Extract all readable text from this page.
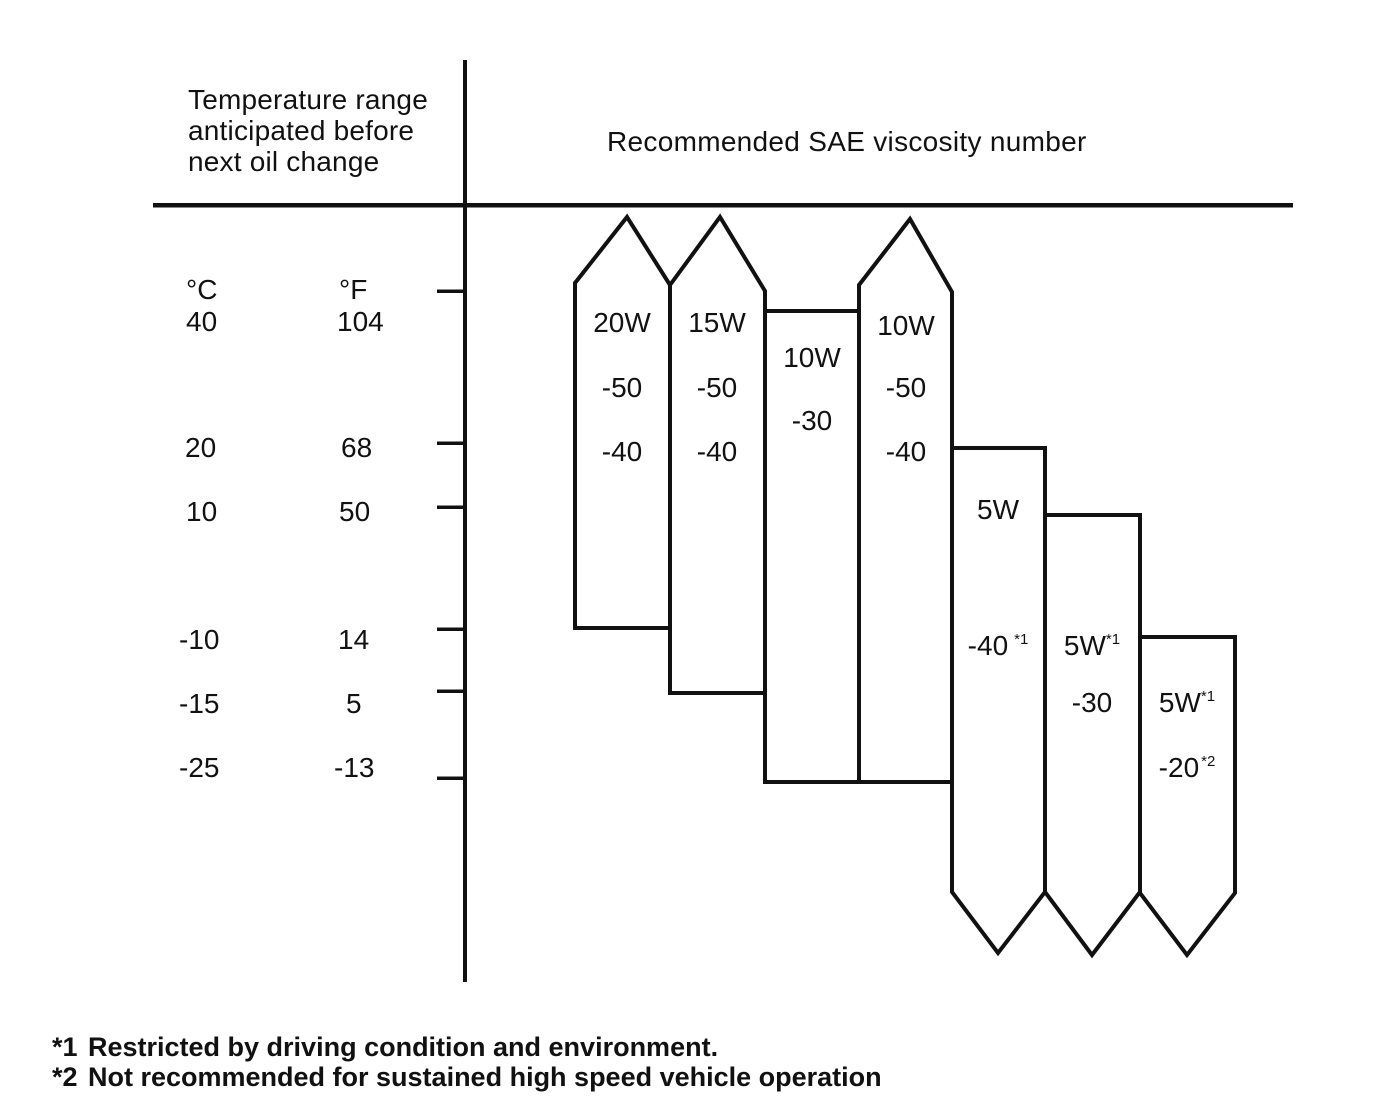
Temperature range
anticipated before
next oil change
Recommended SAE viscosity number
°C	°F
40	104
20	68
10	50
-10	14
-15	5
-25	-13
20W
-50
-40
15W
-50
-40
10W
-30
10W
-50
-40
5W
-40 $^{*1}$	$5W^{*1}$
-30	$5W^{*1}$
-20 $^{*2}$
*1 Restricted by driving condition and environment.
*2 Not recommended for sustained high speed vehicle operation
